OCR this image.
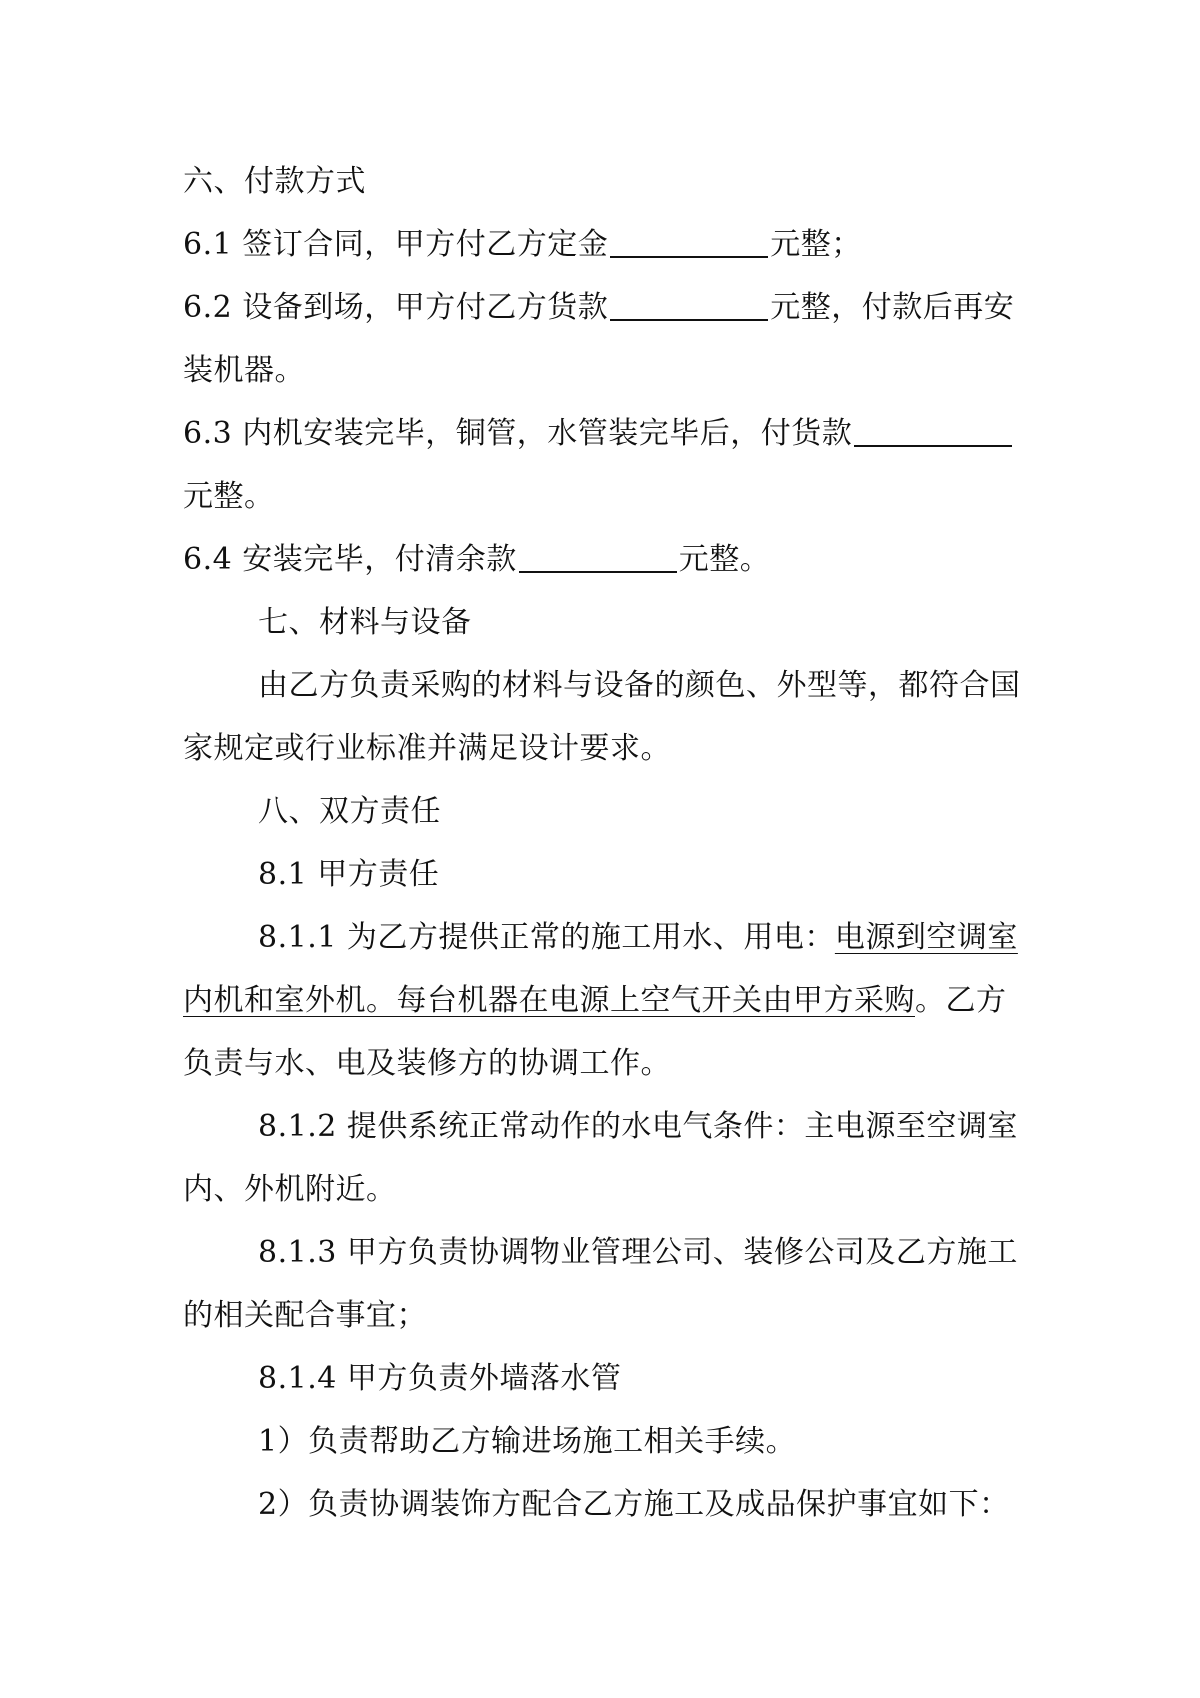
六、付款方式

6.1 签订合同，甲方付乙方定金	元整；

6.2 设备到场，甲方付乙方货款	元整，付款后再安装机器。

6.3 内机安装完毕，铜管，水管装完毕后，付货款元整。

6.4 安装完毕，付清余款	元整。

七、材料与设备

由乙方负责采购的材料与设备的颜色、外型等，都符合国家规定或行业标准并满足设计要求。

八、双方责任

8.1 甲方责任

8.1.1 为乙方提供正常的施工用水、用电：电源到空调室内机和室外机。每台机器在电源上空气开关由甲方采购。乙方负责与水、电及装修方的协调工作。

8.1.2 提供系统正常动作的水电气条件：主电源至空调室内、外机附近。

8.1.3 甲方负责协调物业管理公司、装修公司及乙方施工的相关配合事宜；

8.1.4 甲方负责外墙落水管

1）负责帮助乙方输进场施工相关手续。

2）负责协调装饰方配合乙方施工及成品保护事宜如下：
